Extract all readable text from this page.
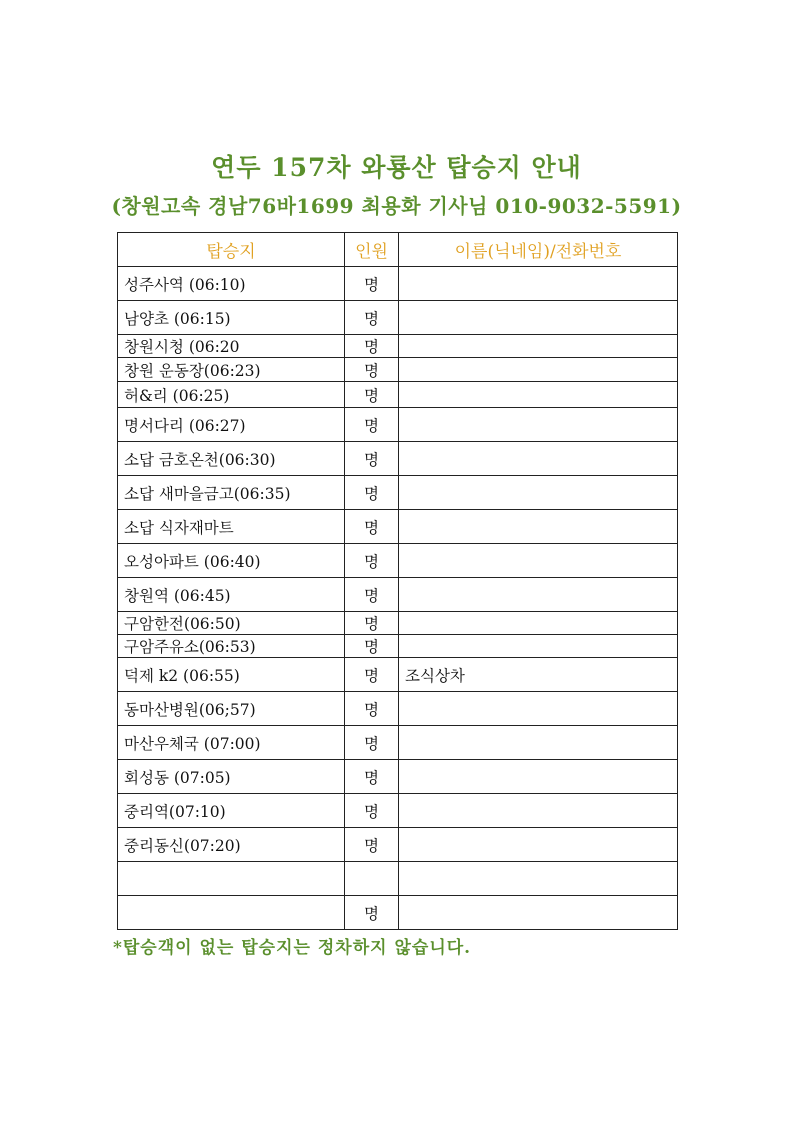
연두 157차 와룡산 탑승지 안내
(창원고속 경남76바1699 최용화 기사님 010-9032-5591)
탑승지	인원	이름(닉네임)/전화번호
성주사역 (06:10)	명	
남양초 (06:15)	명	
창원시청 (06:20	명	
창원 운동장(06:23)	명	
허&리 (06:25)	명	
명서다리 (06:27)	명	
소답 금호온천(06:30)	명	
소답 새마을금고(06:35)	명	
소답 식자재마트	명	
오성아파트 (06:40)	명	
창원역 (06:45)	명	
구암한전(06:50)	명	
구암주유소(06:53)	명	
덕제 k2 (06:55)	명	조식상차
동마산병원(06;57)	명	
마산우체국 (07:00)	명	
회성동 (07:05)	명	
중리역(07:10)	명	
중리동신(07:20)	명	

	명	
*탑승객이 없는 탑승지는 정차하지 않습니다.
